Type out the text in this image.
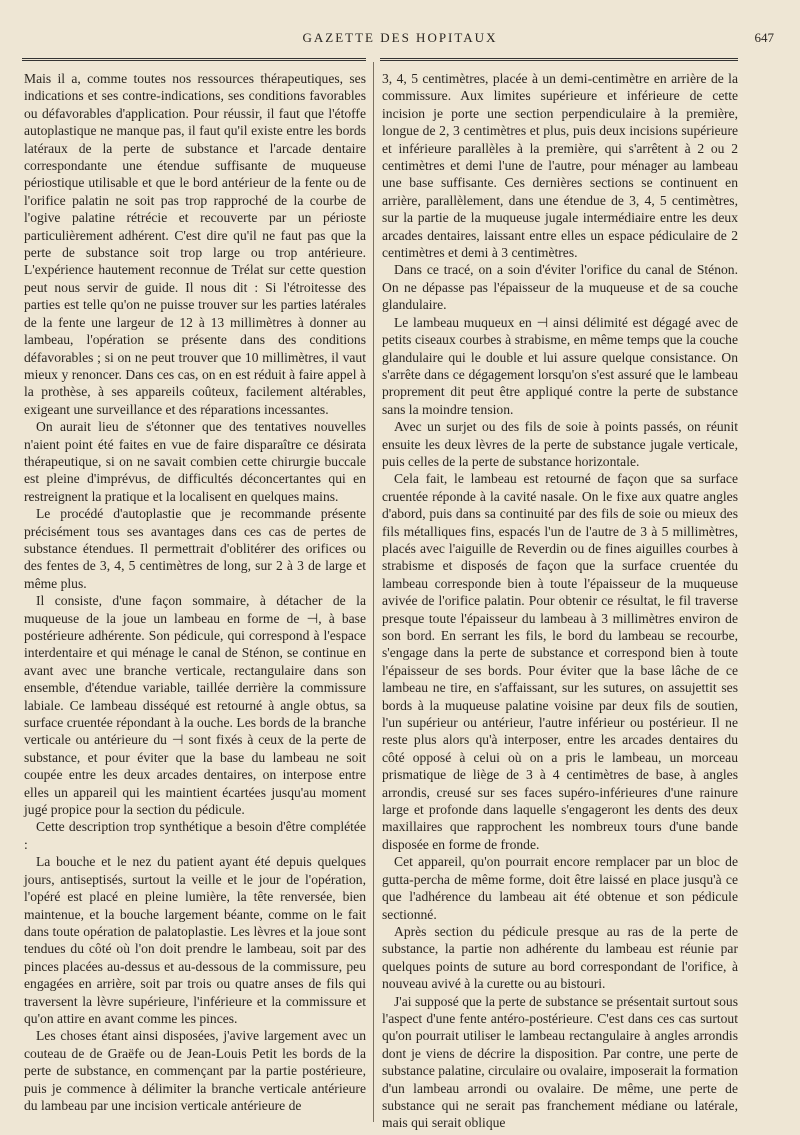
GAZETTE DES HOPITAUX	647

Mais il a, comme toutes nos ressources thérapeutiques, ses indications et ses contre-indications, ses conditions favorables ou défavorables d'application. Pour réussir, il faut que l'étoffe autoplastique ne manque pas, il faut qu'il existe entre les bords latéraux de la perte de substance et l'arcade dentaire correspondante une étendue suffisante de muqueuse périostique utilisable et que le bord antérieur de la fente ou de l'orifice palatin ne soit pas trop rapproché de la courbe de l'ogive palatine rétrécie et recouverte par un périoste particulièrement adhérent. C'est dire qu'il ne faut pas que la perte de substance soit trop large ou trop antérieure. L'expérience hautement reconnue de Trélat sur cette question peut nous servir de guide. Il nous dit : Si l'étroitesse des parties est telle qu'on ne puisse trouver sur les parties latérales de la fente une largeur de 12 à 13 millimètres à donner au lambeau, l'opération se présente dans des conditions défavorables ; si on ne peut trouver que 10 millimètres, il vaut mieux y renoncer. Dans ces cas, on en est réduit à faire appel à la prothèse, à ses appareils coûteux, facilement altérables, exigeant une surveillance et des réparations incessantes.

On aurait lieu de s'étonner que des tentatives nouvelles n'aient point été faites en vue de faire disparaître ce désirata thérapeutique, si on ne savait combien cette chirurgie buccale est pleine d'imprévus, de difficultés déconcertantes qui en restreignent la pratique et la localisent en quelques mains.

Le procédé d'autoplastie que je recommande présente précisément tous ses avantages dans ces cas de pertes de substance étendues. Il permettrait d'oblitérer des orifices ou des fentes de 3, 4, 5 centimètres de long, sur 2 à 3 de large et même plus.

Il consiste, d'une façon sommaire, à détacher de la muqueuse de la joue un lambeau en forme de ⊣, à base postérieure adhérente. Son pédicule, qui correspond à l'espace interdentaire et qui ménage le canal de Sténon, se continue en avant avec une branche verticale, rectangulaire dans son ensemble, d'étendue variable, taillée derrière la commissure labiale. Ce lambeau disséqué est retourné à angle obtus, sa surface cruentée répondant à la ouche. Les bords de la branche verticale ou antérieure du ⊣ sont fixés à ceux de la perte de substance, et pour éviter que la base du lambeau ne soit coupée entre les deux arcades dentaires, on interpose entre elles un appareil qui les maintient écartées jusqu'au moment jugé propice pour la section du pédicule.

Cette description trop synthétique a besoin d'être complétée :

La bouche et le nez du patient ayant été depuis quelques jours, antiseptisés, surtout la veille et le jour de l'opération, l'opéré est placé en pleine lumière, la tête renversée, bien maintenue, et la bouche largement béante, comme on le fait dans toute opération de palatoplastie. Les lèvres et la joue sont tendues du côté où l'on doit prendre le lambeau, soit par des pinces placées au-dessus et au-dessous de la commissure, peu engagées en arrière, soit par trois ou quatre anses de fils qui traversent la lèvre supérieure, l'inférieure et la commissure et qu'on attire en avant comme les pinces.

Les choses étant ainsi disposées, j'avive largement avec un couteau de de Graëfe ou de Jean-Louis Petit les bords de la perte de substance, en commençant par la partie postérieure, puis je commence à délimiter la branche verticale antérieure du lambeau par une incision verticale antérieure de

3, 4, 5 centimètres, placée à un demi-centimètre en arrière de la commissure. Aux limites supérieure et inférieure de cette incision je porte une section perpendiculaire à la première, longue de 2, 3 centimètres et plus, puis deux incisions supérieure et inférieure parallèles à la première, qui s'arrêtent à 2 ou 2 centimètres et demi l'une de l'autre, pour ménager au lambeau une base suffisante. Ces dernières sections se continuent en arrière, parallèlement, dans une étendue de 3, 4, 5 centimètres, sur la partie de la muqueuse jugale intermédiaire entre les deux arcades dentaires, laissant entre elles un espace pédiculaire de 2 centimètres et demi à 3 centimètres.

Dans ce tracé, on a soin d'éviter l'orifice du canal de Sténon. On ne dépasse pas l'épaisseur de la muqueuse et de sa couche glandulaire.

Le lambeau muqueux en ⊣ ainsi délimité est dégagé avec de petits ciseaux courbes à strabisme, en même temps que la couche glandulaire qui le double et lui assure quelque consistance. On s'arrête dans ce dégagement lorsqu'on s'est assuré que le lambeau proprement dit peut être appliqué contre la perte de substance sans la moindre tension.

Avec un surjet ou des fils de soie à points passés, on réunit ensuite les deux lèvres de la perte de substance jugale verticale, puis celles de la perte de substance horizontale.

Cela fait, le lambeau est retourné de façon que sa surface cruentée réponde à la cavité nasale. On le fixe aux quatre angles d'abord, puis dans sa continuité par des fils de soie ou mieux des fils métalliques fins, espacés l'un de l'autre de 3 à 5 millimètres, placés avec l'aiguille de Reverdin ou de fines aiguilles courbes à strabisme et disposés de façon que la surface cruentée du lambeau corresponde bien à toute l'épaisseur de la muqueuse avivée de l'orifice palatin. Pour obtenir ce résultat, le fil traverse presque toute l'épaisseur du lambeau à 3 millimètres environ de son bord. En serrant les fils, le bord du lambeau se recourbe, s'engage dans la perte de substance et correspond bien à toute l'épaisseur de ses bords. Pour éviter que la base lâche de ce lambeau ne tire, en s'affaissant, sur les sutures, on assujettit ses bords à la muqueuse palatine voisine par deux fils de soutien, l'un supérieur ou antérieur, l'autre inférieur ou postérieur. Il ne reste plus alors qu'à interposer, entre les arcades dentaires du côté opposé à celui où on a pris le lambeau, un morceau prismatique de liège de 3 à 4 centimètres de base, à angles arrondis, creusé sur ses faces supéro-inférieures d'une rainure large et profonde dans laquelle s'engageront les dents des deux maxillaires que rapprochent les nombreux tours d'une bande disposée en forme de fronde.

Cet appareil, qu'on pourrait encore remplacer par un bloc de gutta-percha de même forme, doit être laissé en place jusqu'à ce que l'adhérence du lambeau ait été obtenue et son pédicule sectionné.

Après section du pédicule presque au ras de la perte de substance, la partie non adhérente du lambeau est réunie par quelques points de suture au bord correspondant de l'orifice, à nouveau avivé à la curette ou au bistouri.

J'ai supposé que la perte de substance se présentait surtout sous l'aspect d'une fente antéro-postérieure. C'est dans ces cas surtout qu'on pourrait utiliser le lambeau rectangulaire à angles arrondis dont je viens de décrire la disposition. Par contre, une perte de substance palatine, circulaire ou ovalaire, imposerait la formation d'un lambeau arrondi ou ovalaire. De même, une perte de substance qui ne serait pas franchement médiane ou latérale, mais qui serait oblique
